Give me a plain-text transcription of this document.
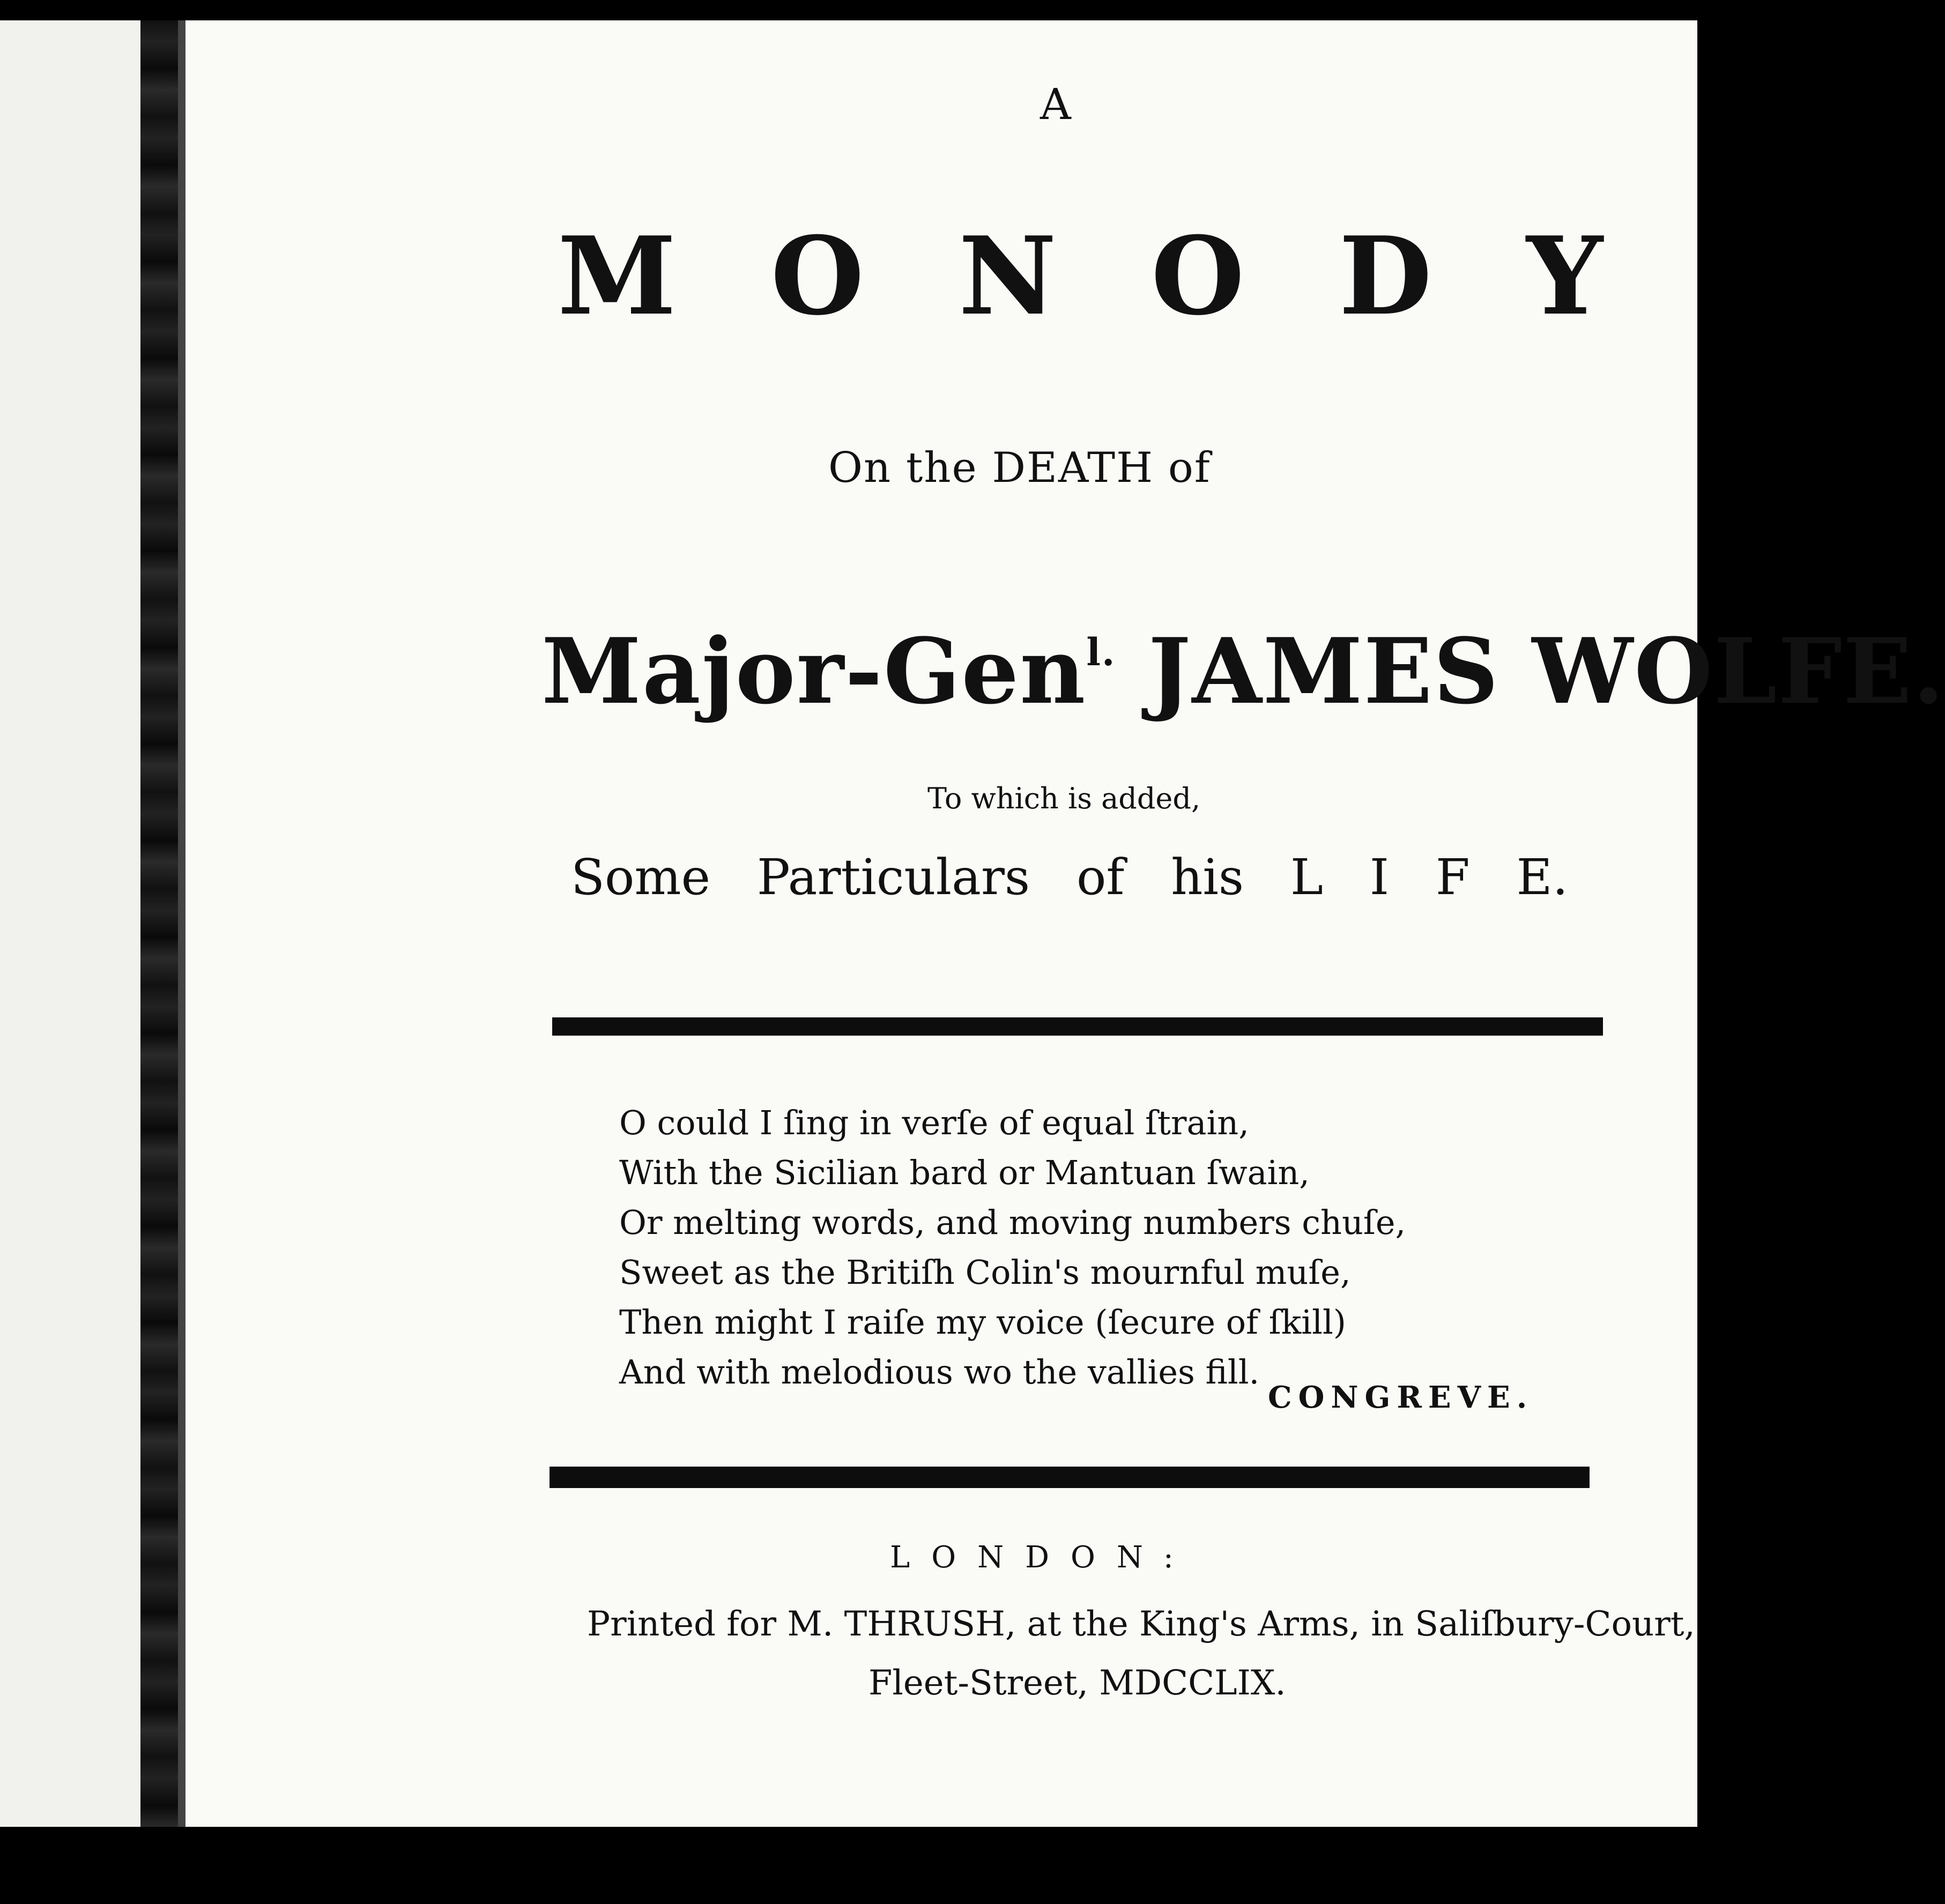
A

M O N O D Y

On the DEATH of

Major-Gen$^{l.}$ JAMES WOLFE.

To which is added,

Some Particulars of his L I F E.

O could I ſing in verſe of equal ſtrain,

With the Sicilian bard or Mantuan ſwain,

Or melting words, and moving numbers chuſe,

Sweet as the Britiſh Colin's mournful muſe,

Then might I raiſe my voice (ſecure of ſkill)

And with melodious wo the vallies fill.

CONGREVE.

LONDON:

Printed for M. THRUSH, at the King's Arms, in Saliſbury-Court,

Fleet-Street, MDCCLIX.
